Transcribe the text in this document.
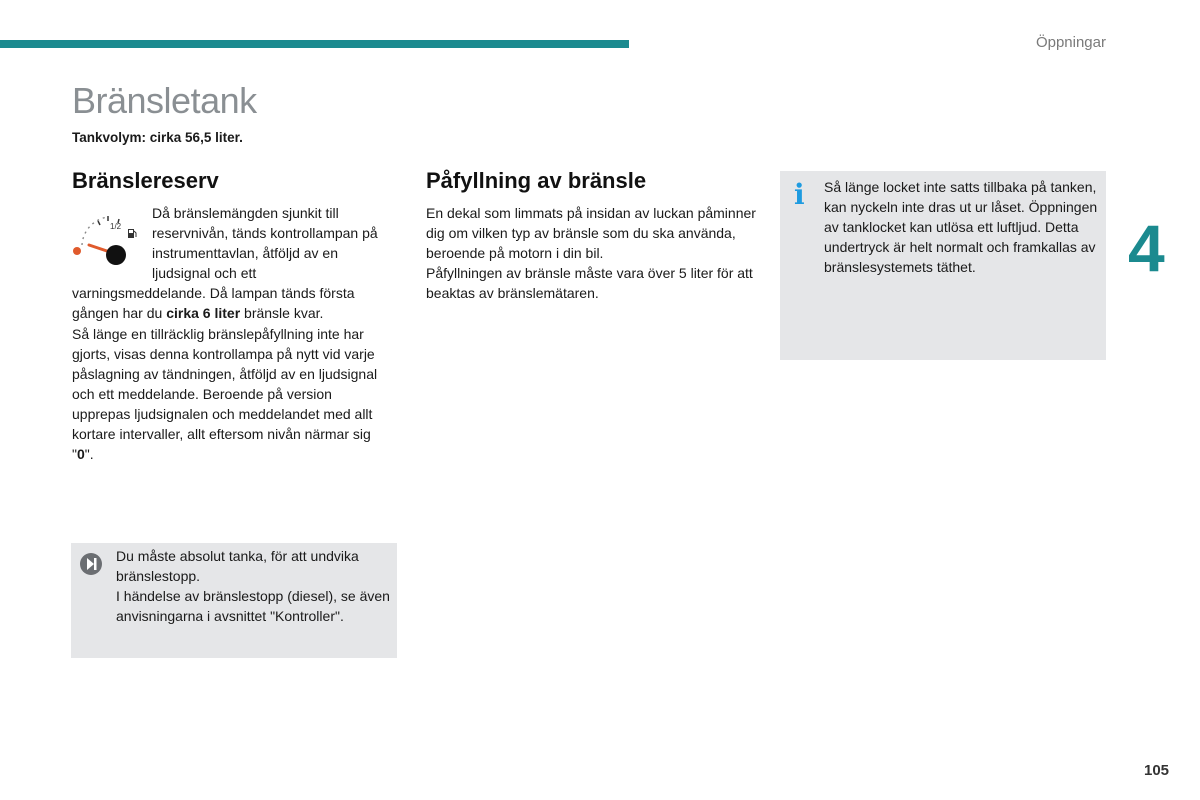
Öppningar
Bränsletank
Tankvolym: cirka 56,5 liter.
Bränslereserv
1/2

Då bränslemängden sjunkit till reservnivån, tänds kontrollampan på instrumenttavlan, åtföljd av en ljudsignal och ett varningsmeddelande. Då lampan tänds första gången har du cirka 6 liter bränsle kvar.

Så länge en tillräcklig bränslepåfyllning inte har gjorts, visas denna kontrollampa på nytt vid varje påslagning av tändningen, åtföljd av en ljudsignal och ett meddelande. Beroende på version upprepas ljudsignalen och meddelandet med allt kortare intervaller, allt eftersom nivån närmar sig "0".

Påfyllning av bränsle

En dekal som limmats på insidan av luckan påminner dig om vilken typ av bränsle som du ska använda, beroende på motorn i din bil.

Påfyllningen av bränsle måste vara över 5 liter för att beaktas av bränslemätaren.

i Så länge locket inte satts tillbaka på tanken, kan nyckeln inte dras ut ur låset. Öppningen av tanklocket kan utlösa ett luftljud. Detta undertryck är helt normalt och framkallas av bränslesystemets täthet.

Du måste absolut tanka, för att undvika bränslestopp.

I händelse av bränslestopp (diesel), se även anvisningarna i avsnittet "Kontroller".

4
105
